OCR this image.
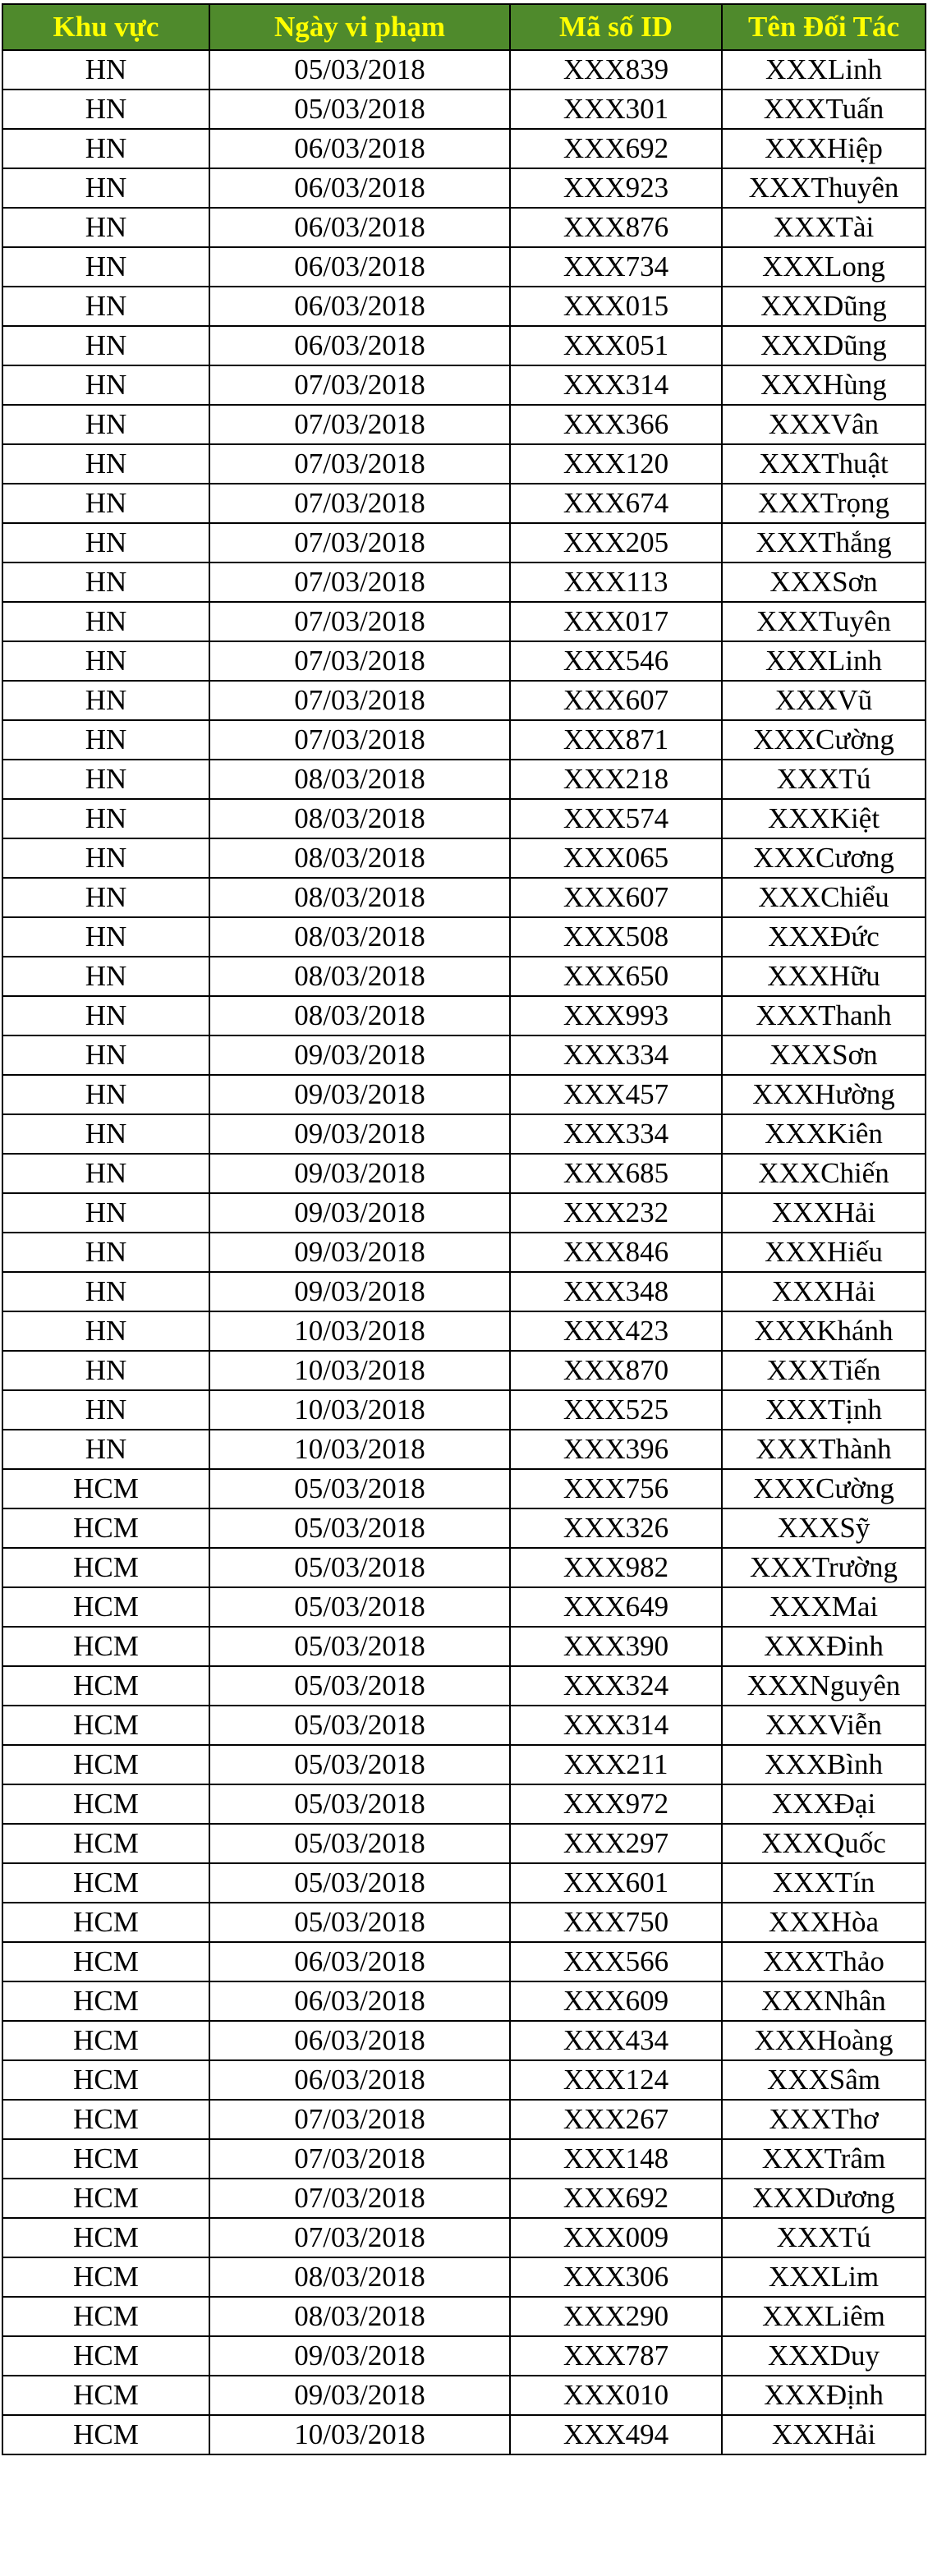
Khu vực	Ngày vi phạm	Mã số ID	Tên Đối Tác
HN	05/03/2018	XXX839	XXXLinh
HN	05/03/2018	XXX301	XXXTuấn
HN	06/03/2018	XXX692	XXXHiệp
HN	06/03/2018	XXX923	XXXThuyên
HN	06/03/2018	XXX876	XXXTài
HN	06/03/2018	XXX734	XXXLong
HN	06/03/2018	XXX015	XXXDũng
HN	06/03/2018	XXX051	XXXDũng
HN	07/03/2018	XXX314	XXXHùng
HN	07/03/2018	XXX366	XXXVân
HN	07/03/2018	XXX120	XXXThuật
HN	07/03/2018	XXX674	XXXTrọng
HN	07/03/2018	XXX205	XXXThắng
HN	07/03/2018	XXX113	XXXSơn
HN	07/03/2018	XXX017	XXXTuyên
HN	07/03/2018	XXX546	XXXLinh
HN	07/03/2018	XXX607	XXXVũ
HN	07/03/2018	XXX871	XXXCường
HN	08/03/2018	XXX218	XXXTú
HN	08/03/2018	XXX574	XXXKiệt
HN	08/03/2018	XXX065	XXXCương
HN	08/03/2018	XXX607	XXXChiểu
HN	08/03/2018	XXX508	XXXĐức
HN	08/03/2018	XXX650	XXXHữu
HN	08/03/2018	XXX993	XXXThanh
HN	09/03/2018	XXX334	XXXSơn
HN	09/03/2018	XXX457	XXXHường
HN	09/03/2018	XXX334	XXXKiên
HN	09/03/2018	XXX685	XXXChiến
HN	09/03/2018	XXX232	XXXHải
HN	09/03/2018	XXX846	XXXHiếu
HN	09/03/2018	XXX348	XXXHải
HN	10/03/2018	XXX423	XXXKhánh
HN	10/03/2018	XXX870	XXXTiến
HN	10/03/2018	XXX525	XXXTịnh
HN	10/03/2018	XXX396	XXXThành
HCM	05/03/2018	XXX756	XXXCường
HCM	05/03/2018	XXX326	XXXSỹ
HCM	05/03/2018	XXX982	XXXTrường
HCM	05/03/2018	XXX649	XXXMai
HCM	05/03/2018	XXX390	XXXĐinh
HCM	05/03/2018	XXX324	XXXNguyên
HCM	05/03/2018	XXX314	XXXViễn
HCM	05/03/2018	XXX211	XXXBình
HCM	05/03/2018	XXX972	XXXĐại
HCM	05/03/2018	XXX297	XXXQuốc
HCM	05/03/2018	XXX601	XXXTín
HCM	05/03/2018	XXX750	XXXHòa
HCM	06/03/2018	XXX566	XXXThảo
HCM	06/03/2018	XXX609	XXXNhân
HCM	06/03/2018	XXX434	XXXHoàng
HCM	06/03/2018	XXX124	XXXSâm
HCM	07/03/2018	XXX267	XXXThơ
HCM	07/03/2018	XXX148	XXXTrâm
HCM	07/03/2018	XXX692	XXXDương
HCM	07/03/2018	XXX009	XXXTú
HCM	08/03/2018	XXX306	XXXLim
HCM	08/03/2018	XXX290	XXXLiêm
HCM	09/03/2018	XXX787	XXXDuy
HCM	09/03/2018	XXX010	XXXĐịnh
HCM	10/03/2018	XXX494	XXXHải
